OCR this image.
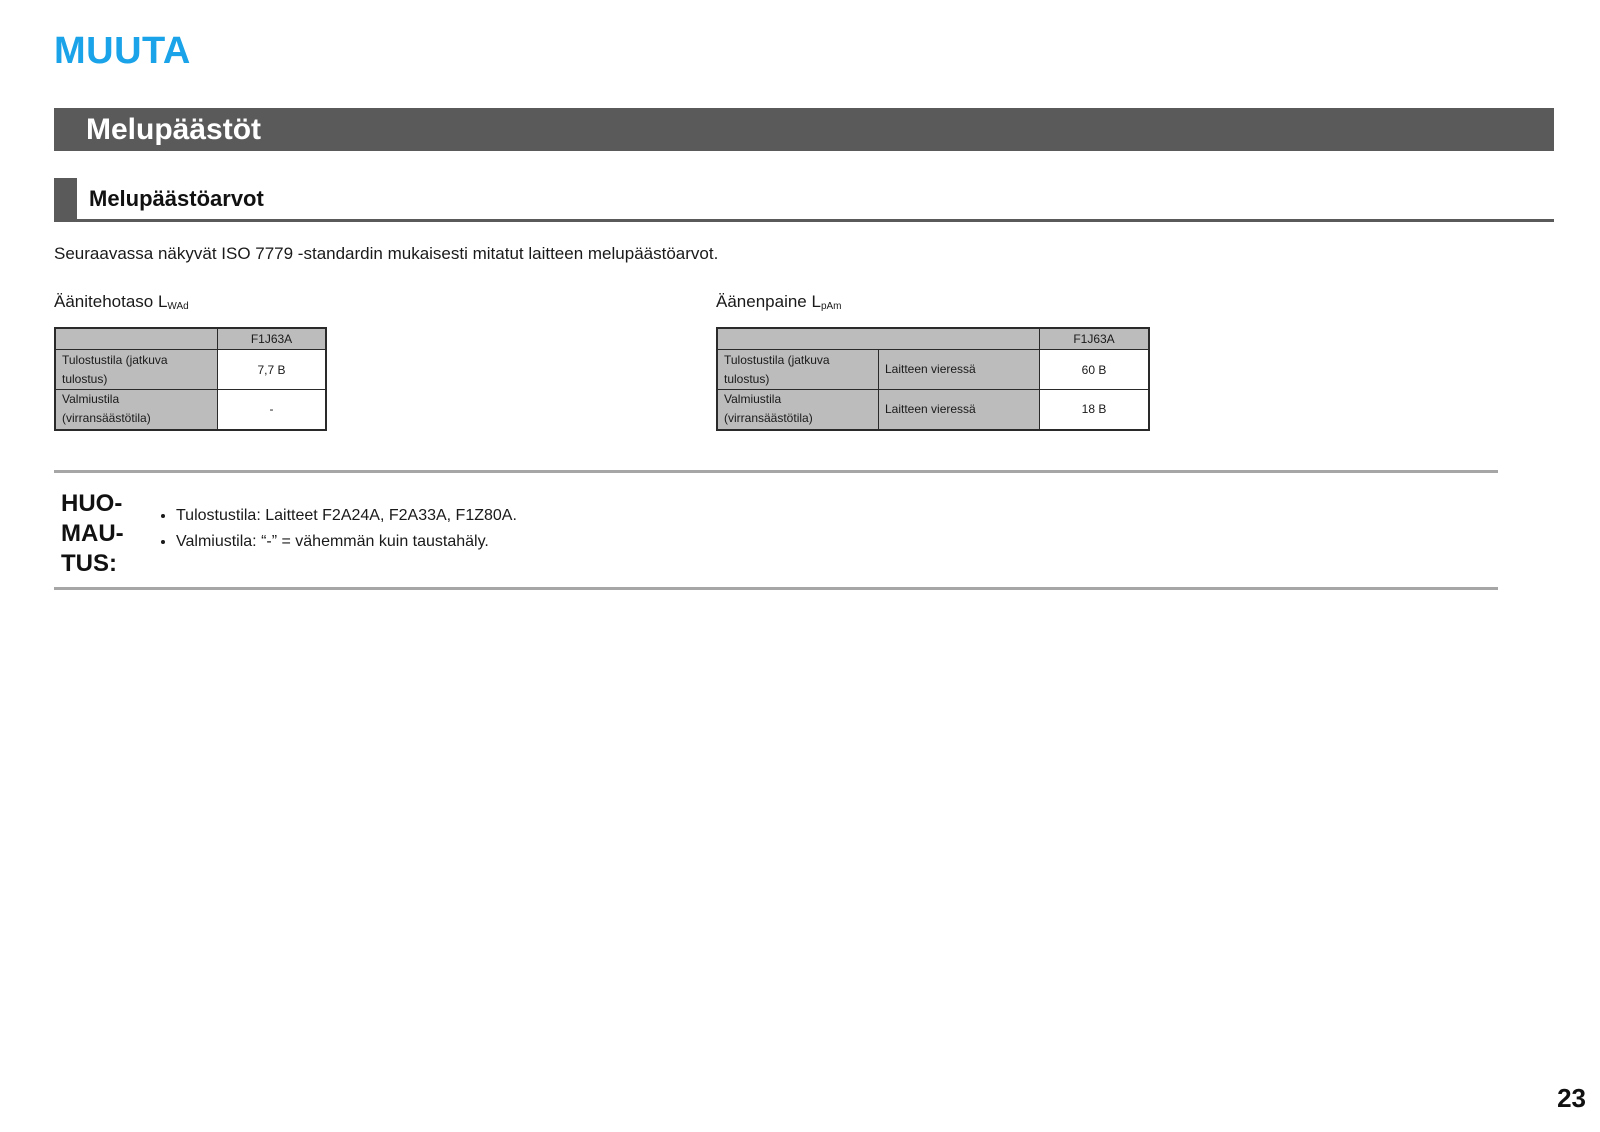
MUUTA
Melupäästöt
Melupäästöarvot
Seuraavassa näkyvät ISO 7779 -standardin mukaisesti mitatut laitteen melupäästöarvot.
Äänitehotaso $L_{WAd}$
	F1J63A
Tulostustila (jatkuva tulostus)	7,7 B
Valmiustila (virransäästötila)	-
Äänenpaine $L_{pAm}$
		F1J63A
Tulostustila (jatkuva tulostus)	Laitteen vieressä	60 B
Valmiustila (virransäästötila)	Laitteen vieressä	18 B
HUO-
MAU-
TUS:
• Tulostustila: Laitteet F2A24A, F2A33A, F1Z80A.
• Valmiustila: “-” = vähemmän kuin taustahäly.
23
